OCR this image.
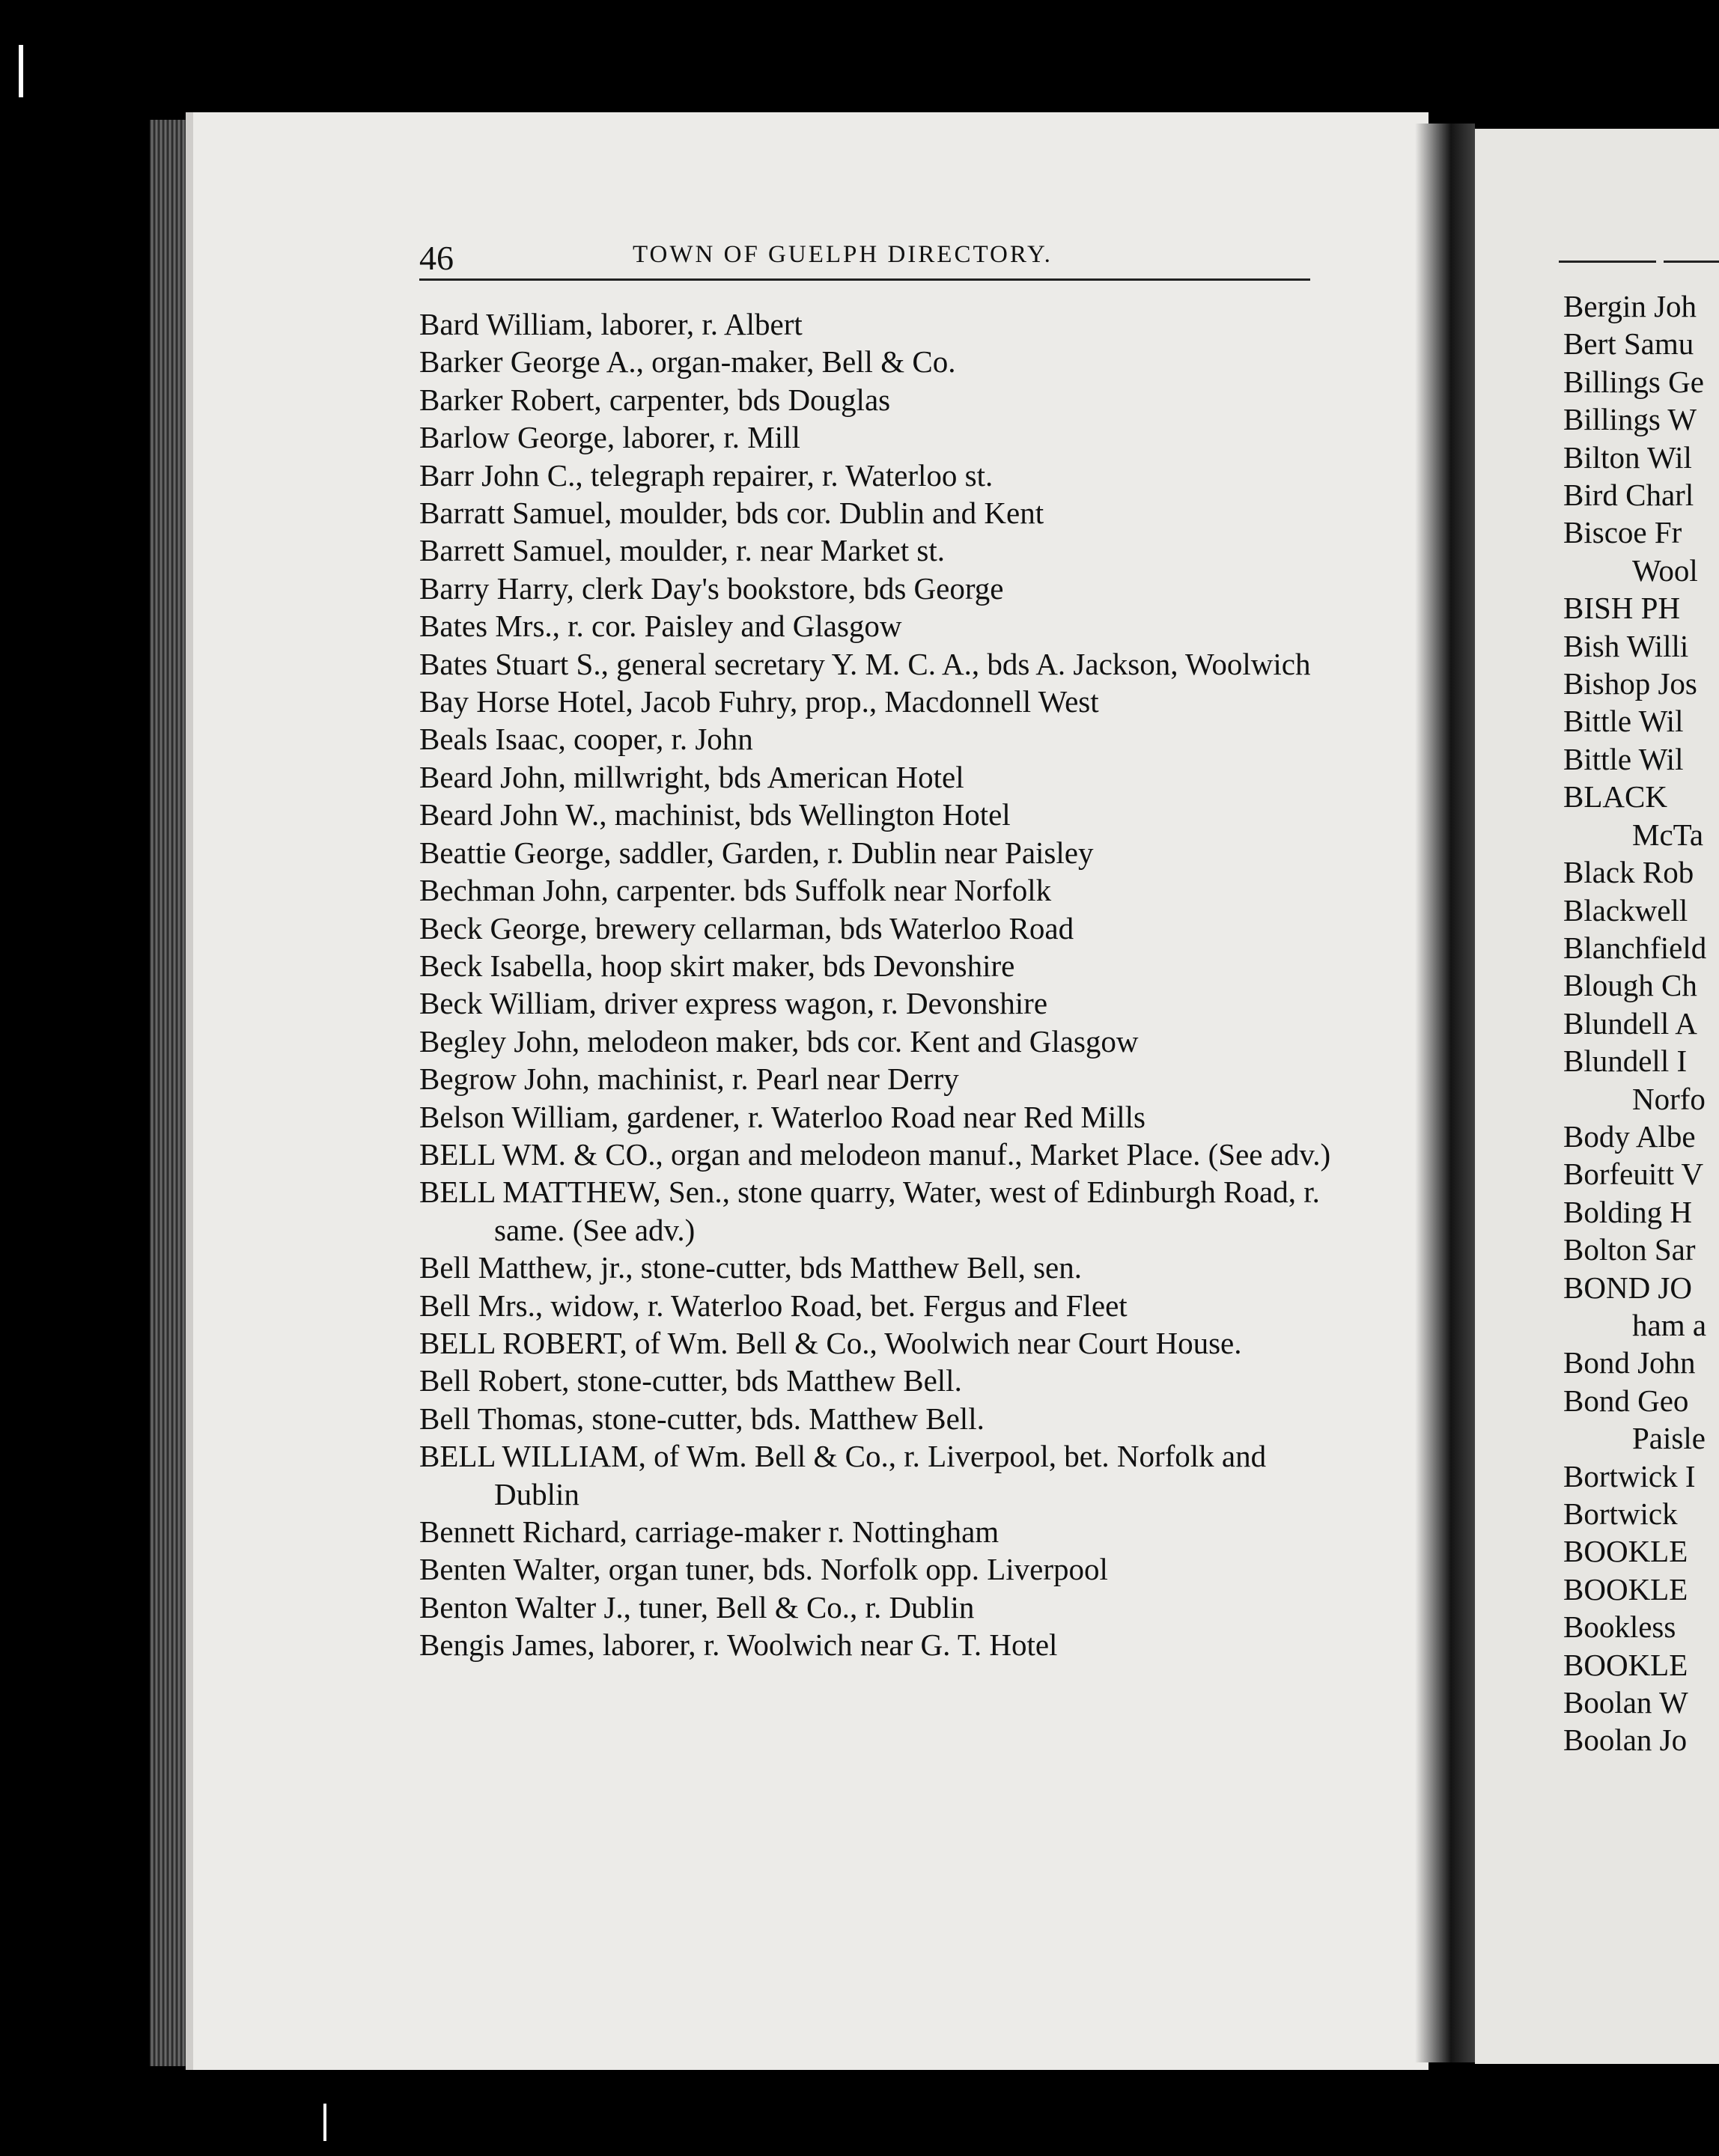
46	TOWN OF GUELPH DIRECTORY.
Bard William, laborer, r. Albert
Barker George A., organ-maker, Bell & Co.
Barker Robert, carpenter, bds Douglas
Barlow George, laborer, r. Mill
Barr John C., telegraph repairer, r. Waterloo st.
Barratt Samuel, moulder, bds cor. Dublin and Kent
Barrett Samuel, moulder, r. near Market st.
Barry Harry, clerk Day's bookstore, bds George
Bates Mrs., r. cor. Paisley and Glasgow
Bates Stuart S., general secretary Y. M. C. A., bds A. Jackson, Woolwich
Bay Horse Hotel, Jacob Fuhry, prop., Macdonnell West
Beals Isaac, cooper, r. John
Beard John, millwright, bds American Hotel
Beard John W., machinist, bds Wellington Hotel
Beattie George, saddler, Garden, r. Dublin near Paisley
Bechman John, carpenter. bds Suffolk near Norfolk
Beck George, brewery cellarman, bds Waterloo Road
Beck Isabella, hoop skirt maker, bds Devonshire
Beck William, driver express wagon, r. Devonshire
Begley John, melodeon maker, bds cor. Kent and Glasgow
Begrow John, machinist, r. Pearl near Derry
Belson William, gardener, r. Waterloo Road near Red Mills
BELL WM. & CO., organ and melodeon manuf., Market Place. (See adv.)
BELL MATTHEW, Sen., stone quarry, Water, west of Edinburgh Road, r. same. (See adv.)
Bell Matthew, jr., stone-cutter, bds Matthew Bell, sen.
Bell Mrs., widow, r. Waterloo Road, bet. Fergus and Fleet
BELL ROBERT, of Wm. Bell & Co., Woolwich near Court House.
Bell Robert, stone-cutter, bds Matthew Bell.
Bell Thomas, stone-cutter, bds. Matthew Bell.
BELL WILLIAM, of Wm. Bell & Co., r. Liverpool, bet. Norfolk and Dublin
Bennett Richard, carriage-maker r. Nottingham
Benten Walter, organ tuner, bds. Norfolk opp. Liverpool
Benton Walter J., tuner, Bell & Co., r. Dublin
Bengis James, laborer, r. Woolwich near G. T. Hotel
Bergin Joh
Bert Samu
Billings Ge
Billings W
Bilton Wil
Bird Charl
Biscoe Fr
Wool
BISH PH
Bish Willi
Bishop Jos
Bittle Wil
Bittle Wil
BLACK
McTa
Black Rob
Blackwell
Blanchfield
Blough Ch
Blundell A
Blundell I
Norfo
Body Albe
Borfeuitt V
Bolding H
Bolton Sar
BOND JO
ham a
Bond John
Bond Geo
Paisle
Bortwick I
Bortwick
BOOKLE
BOOKLE
Bookless
BOOKLE
Boolan W
Boolan Jo
